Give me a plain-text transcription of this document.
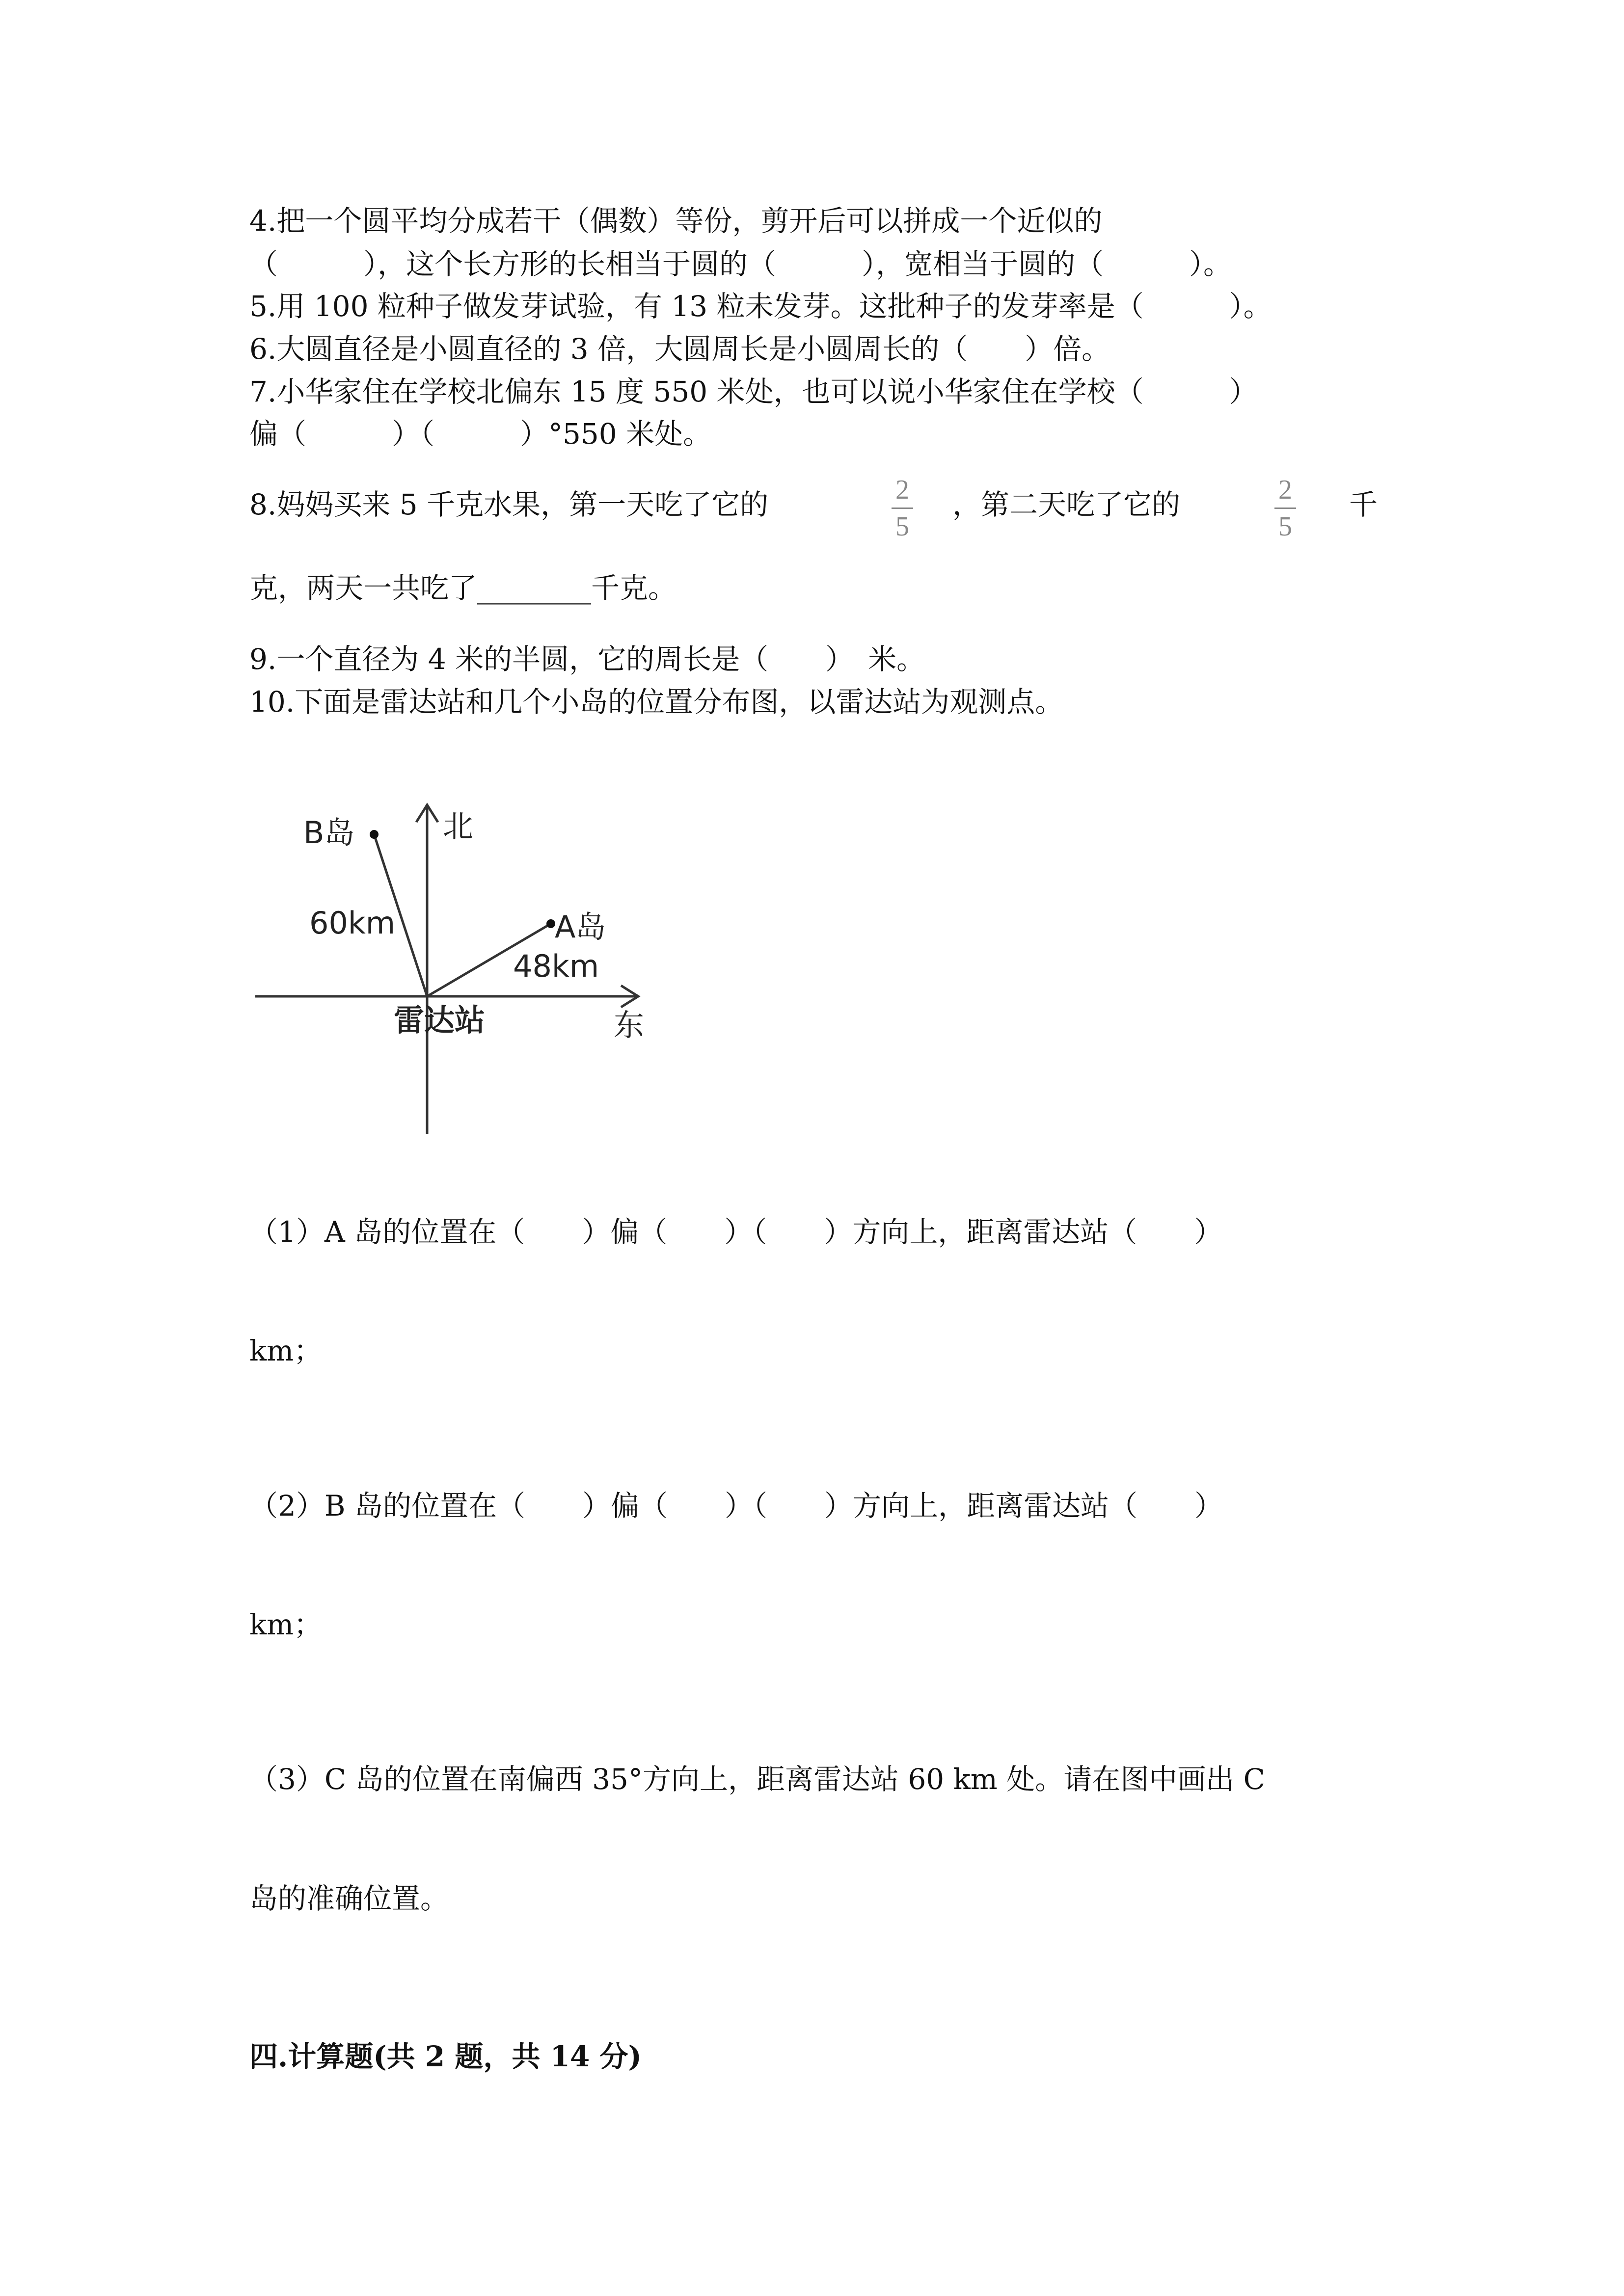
4.把一个圆平均分成若干（偶数）等份，剪开后可以拼成一个近似的
（　　　），这个长方形的长相当于圆的（　　　），宽相当于圆的（　　　）。
5.用 100 粒种子做发芽试验，有 13 粒未发芽。这批种子的发芽率是（　　　）。
6.大圆直径是小圆直径的 3 倍，大圆周长是小圆周长的（　　）倍。
7.小华家住在学校北偏东 15 度 550 米处，也可以说小华家住在学校（　　　）
偏（　　　）（　　　）°550 米处。
8.妈妈买来 5 千克水果，第一天吃了它的	2
5
，第二天吃了它的	2
5
千
克，两天一共吃了________千克。
9.一个直径为 4 米的半圆，它的周长是（　　）　米。
10.下面是雷达站和几个小岛的位置分布图，以雷达站为观测点。
北
东
B岛
A岛
60km
48km
雷达站
（1）A 岛的位置在（　　）偏（　　）（　　）方向上，距离雷达站（　　）
km；
（2）B 岛的位置在（　　）偏（　　）（　　）方向上，距离雷达站（　　）
km；
（3）C 岛的位置在南偏西 35°方向上，距离雷达站 60 km 处。请在图中画出 C
岛的准确位置。
四.计算题(共 2 题，共 14 分)
